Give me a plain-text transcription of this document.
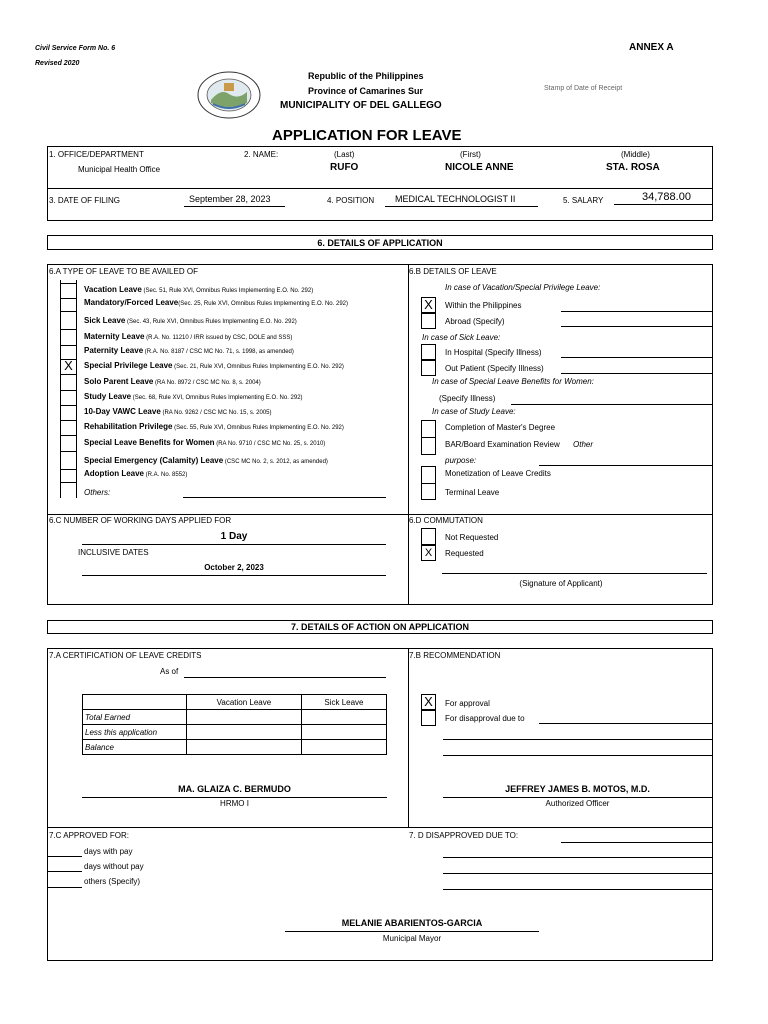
Civil Service Form No. 6
Revised 2020
ANNEX A
Republic of the Philippines
Province of Camarines Sur
MUNICIPALITY OF DEL GALLEGO
Stamp of Date of Receipt
APPLICATION FOR LEAVE
1. OFFICE/DEPARTMENT
Municipal Health Office
2. NAME:	(Last)	(First)	(Middle)
RUFO	NICOLE ANNE	STA. ROSA
3. DATE OF FILING	September 28, 2023	4. POSITION MEDICAL TECHNOLOGIST II	5. SALARY	34,788.00
6. DETAILS OF APPLICATION
6.A TYPE OF LEAVE TO BE AVAILED OF
Vacation Leave (Sec. 51, Rule XVI, Omnibus Rules Implementing E.O. No. 292)
Mandatory/Forced Leave(Sec. 25, Rule XVI, Omnibus Rules Implementing E.O. No. 292)
Sick Leave (Sec. 43, Rule XVI, Omnibus Rules Implementing E.O. No. 292)
Maternity Leave (R.A. No. 11210 / IRR issued by CSC, DOLE and SSS)
Paternity Leave (R.A. No. 8187 / CSC MC No. 71, s. 1998, as amended)
X	Special Privilege Leave (Sec. 21, Rule XVI, Omnibus Rules Implementing E.O. No. 292)
Solo Parent Leave (RA No. 8972 / CSC MC No. 8, s. 2004)
Study Leave (Sec. 68, Rule XVI, Omnibus Rules Implementing E.O. No. 292)
10-Day VAWC Leave (RA No. 9262 / CSC MC No. 15, s. 2005)
Rehabilitation Privilege (Sec. 55, Rule XVI, Omnibus Rules Implementing E.O. No. 292)
Special Leave Benefits for Women (RA No. 9710 / CSC MC No. 25, s. 2010)
Special Emergency (Calamity) Leave (CSC MC No. 2, s. 2012, as amended)
Adoption Leave (R.A. No. 8552)
Others:
6.B DETAILS OF LEAVE
In case of Vacation/Special Privilege Leave:
X	Within the Philippines
Abroad (Specify)
In case of Sick Leave:
In Hospital (Specify Illness)
Out Patient (Specify Illness)
In case of Special Leave Benefits for Women:
(Specify Illness)
In case of Study Leave:
Completion of Master's Degree
BAR/Board Examination Review Other
purpose:
Monetization of Leave Credits
Terminal Leave
6.C NUMBER OF WORKING DAYS APPLIED FOR
1 Day
INCLUSIVE DATES
October 2, 2023
6.D COMMUTATION
Not Requested
X	Requested
(Signature of Applicant)
7. DETAILS OF ACTION ON APPLICATION
7.A CERTIFICATION OF LEAVE CREDITS
As of
	Vacation Leave	Sick Leave
Total Earned		
Less this application		
Balance		
MA. GLAIZA C. BERMUDO
HRMO I
7.B RECOMMENDATION
X	For approval
For disapproval due to
JEFFREY JAMES B. MOTOS, M.D.
Authorized Officer
7.C APPROVED FOR:
days with pay
days without pay
others (Specify)
7. D DISAPPROVED DUE TO:
MELANIE ABARIENTOS-GARCIA
Municipal Mayor
